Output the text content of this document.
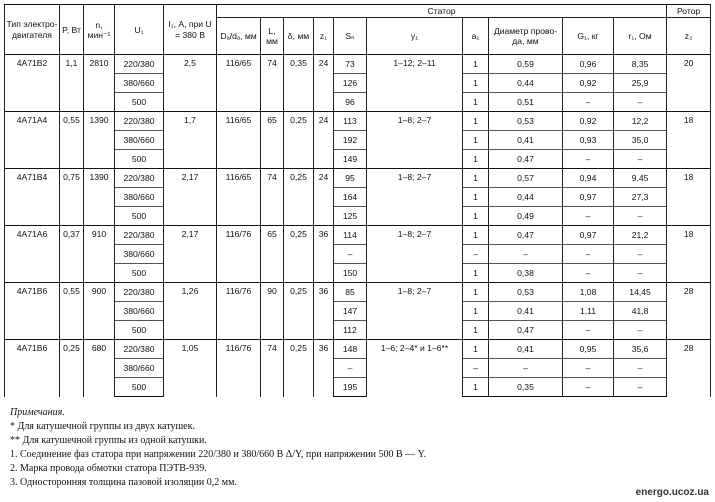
Тип электро-двигателя	P, Вт	n, мин⁻¹	U₁	I₁, А, при U = 380 В	Статор										Ротор
					Dₐ/dₐ, мм	L, мм	δ, мм	z₁	Sₙ	y₁	a₁	Диаметр прово-да, мм	G₁, кг	r₁, Ом	z₂
4А71В2	1,1	2810	220/380	2,5	116/65	74	0,35	24	73	1–12; 2–11	1	0,59	0,96	8,35	20
			380/660						126		1	0,44	0,92	25,9	
			500						96		1	0,51	–	–	
4А71А4	0,55	1390	220/380	1,7	116/65	65	0,25	24	113	1–8; 2–7	1	0,53	0,92	12,2	18
			380/660						192		1	0,41	0,93	35,0	
			500						149		1	0,47	–	–	
4А71В4	0,75	1390	220/380	2,17	116/65	74	0,25	24	95	1–8; 2–7	1	0,57	0,94	9,45	18
			380/660						164		1	0,44	0,97	27,3	
			500						125		1	0,49	–	–	
4А71А6	0,37	910	220/380	2,17	116/76	65	0,25	36	114	1–8; 2–7	1	0,47	0,97	21,2	18
			380/660						–		–	–	–	–	
			500						150		1	0,38	–	–	
4А71В6	0,55	900	220/380	1,26	116/76	90	0,25	36	85	1–8; 2–7	1	0,53	1,08	14,45	28
			380/660						147		1	0,41	1,11	41,8	
			500						112		1	0,47	–	–	
4А71В6	0,25	680	220/380	1,05	116/76	74	0,25	36	148	1–6; 2–4* и 1–6**	1	0,41	0,95	35,6	28
			380/660						–		–	–	–	–	
			500						195		1	0,35	–	–	
Примечания.
* Для катушечной группы из двух катушек.
** Для катушечной группы из одной катушки.
1. Соединение фаз статора при напряжении 220/380 и 380/660 В Δ/Y, при напряжении 500 В — Y.
2. Марка провода обмотки статора ПЭТВ-939.
3. Односторонняя толщина пазовой изоляции 0,2 мм.
energo.ucoz.ua
